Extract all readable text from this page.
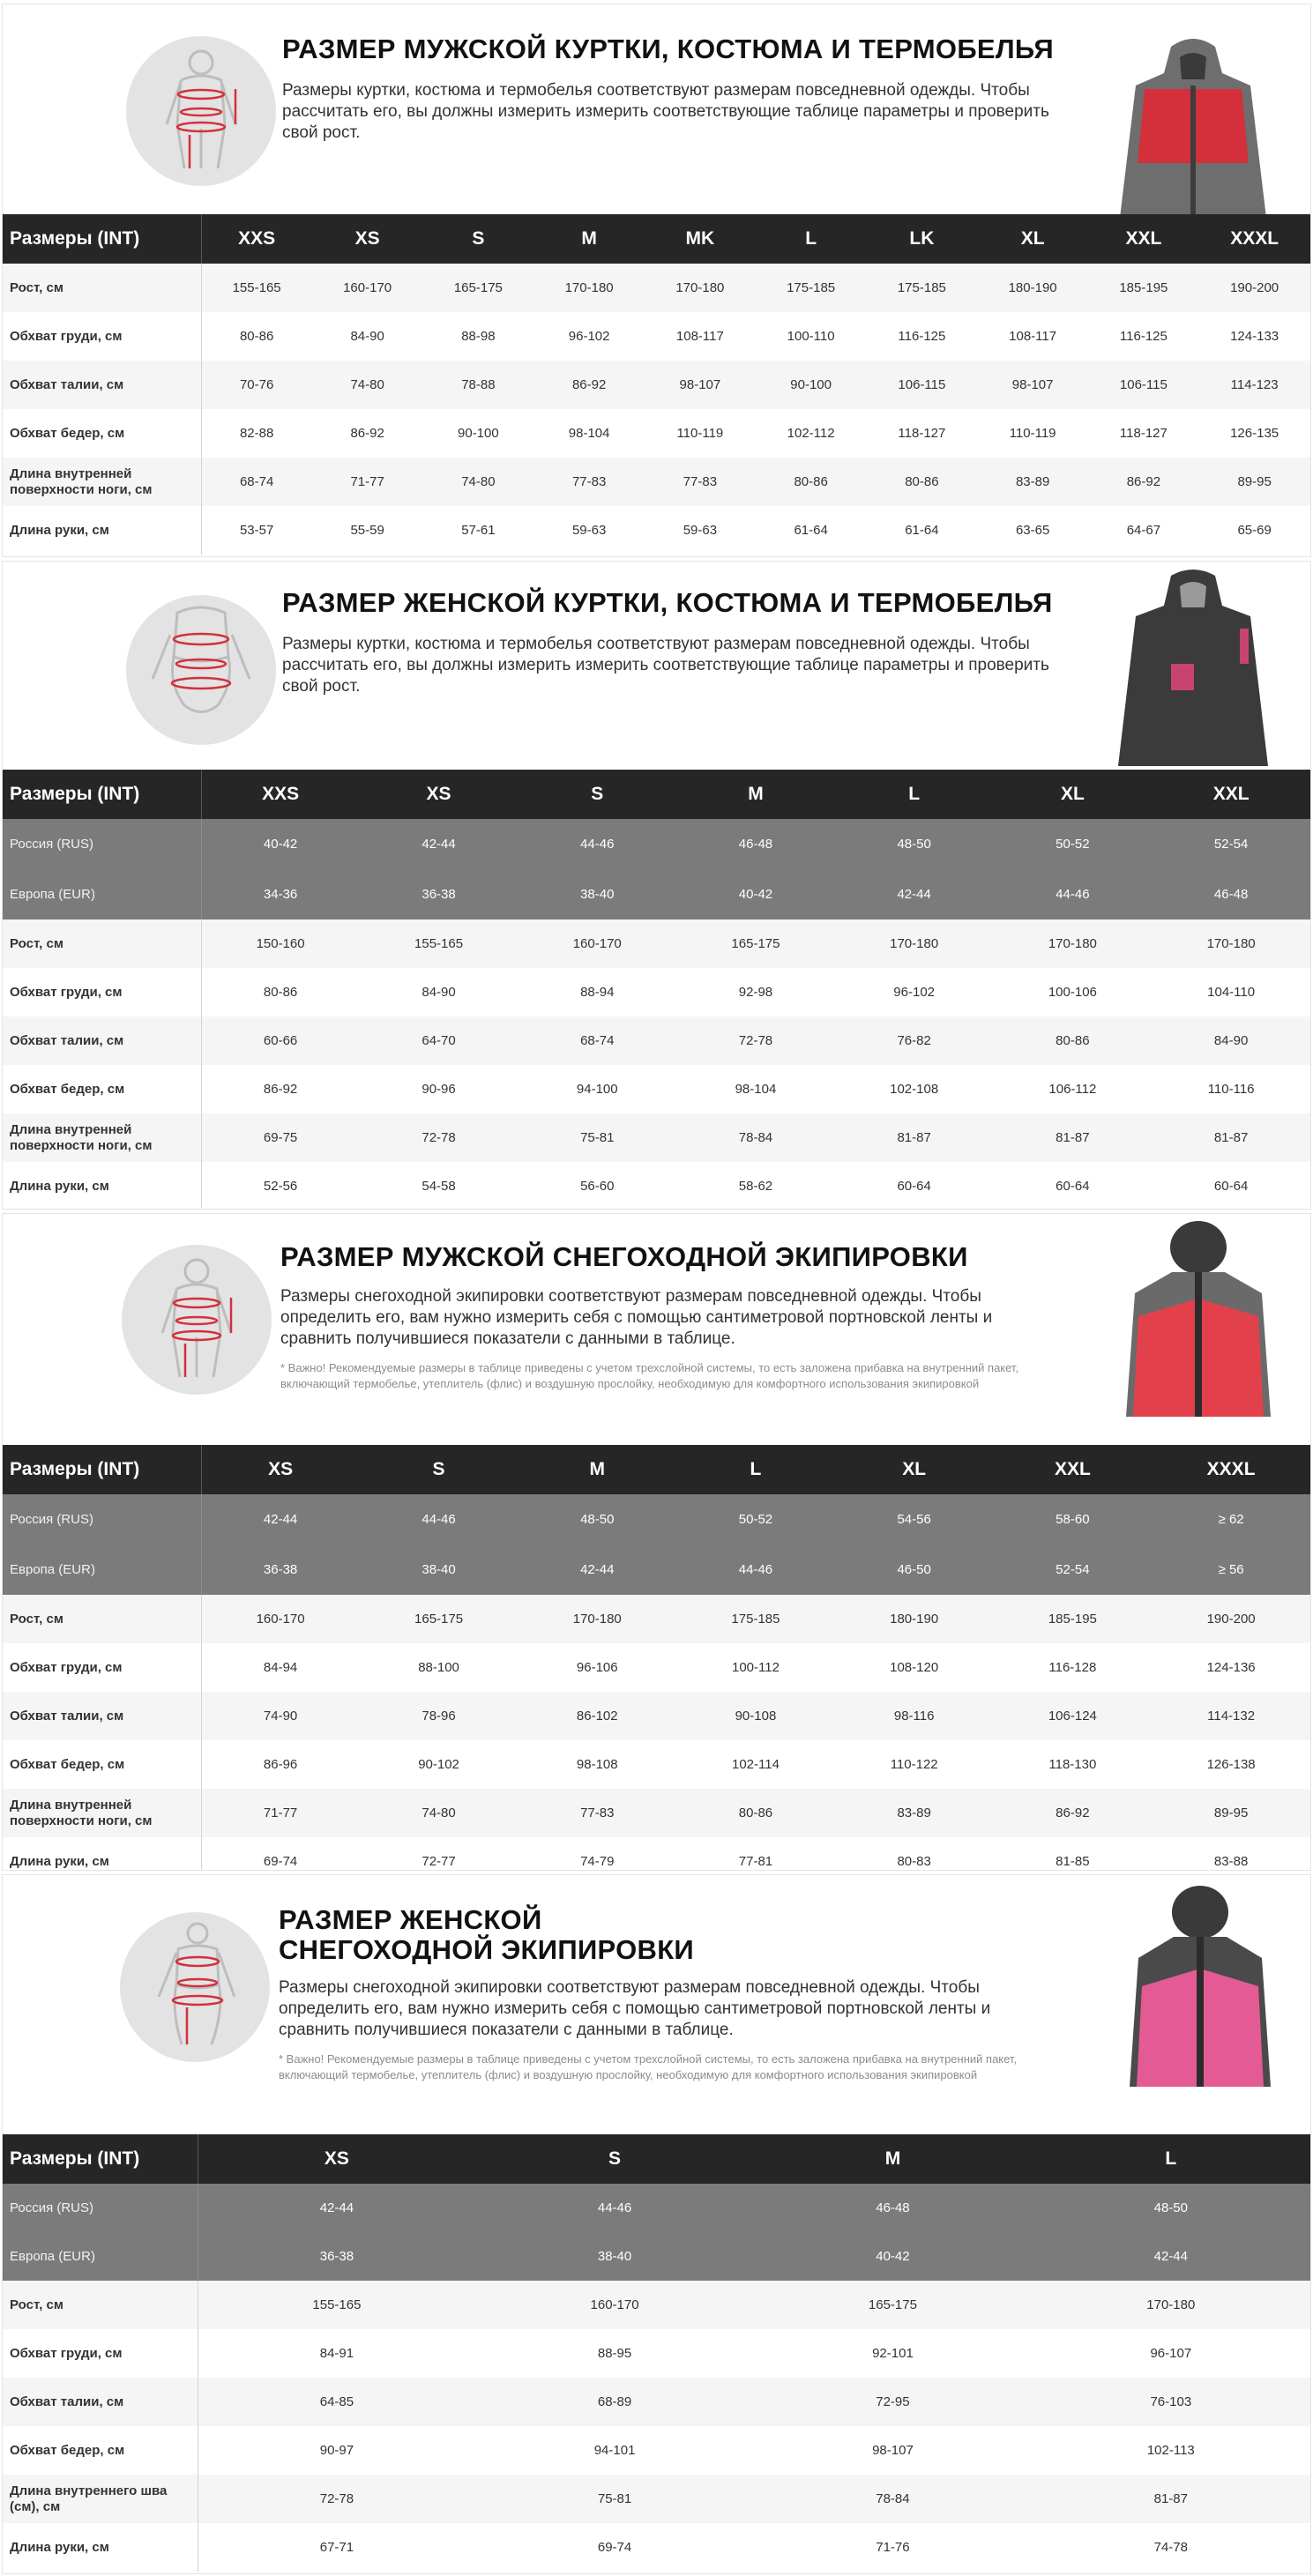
РАЗМЕР МУЖСКОЙ КУРТКИ, КОСТЮМА И ТЕРМОБЕЛЬЯ
Размеры куртки, костюма и термобелья соответствуют размерам повседневной одежды. Чтобы рассчитать его, вы должны измерить измерить соответствующие таблице параметры и проверить свой рост.
Размеры (INT)	XXS	XS	S	M	MK	L	LK	XL	XXL	XXXL
Рост, см	155-165	160-170	165-175	170-180	170-180	175-185	175-185	180-190	185-195	190-200
Обхват груди, см	80-86	84-90	88-98	96-102	108-117	100-110	116-125	108-117	116-125	124-133
Обхват талии, см	70-76	74-80	78-88	86-92	98-107	90-100	106-115	98-107	106-115	114-123
Обхват бедер, см	82-88	86-92	90-100	98-104	110-119	102-112	118-127	110-119	118-127	126-135
Длина внутренней поверхности ноги, см	68-74	71-77	74-80	77-83	77-83	80-86	80-86	83-89	86-92	89-95
Длина руки, см	53-57	55-59	57-61	59-63	59-63	61-64	61-64	63-65	64-67	65-69
РАЗМЕР ЖЕНСКОЙ КУРТКИ, КОСТЮМА И ТЕРМОБЕЛЬЯ
Размеры куртки, костюма и термобелья соответствуют размерам повседневной одежды. Чтобы рассчитать его, вы должны измерить измерить соответствующие таблице параметры и проверить свой рост.
Размеры (INT)	XXS	XS	S	M	L	XL	XXL
Россия (RUS)	40-42	42-44	44-46	46-48	48-50	50-52	52-54
Европа (EUR)	34-36	36-38	38-40	40-42	42-44	44-46	46-48
Рост, см	150-160	155-165	160-170	165-175	170-180	170-180	170-180
Обхват груди, см	80-86	84-90	88-94	92-98	96-102	100-106	104-110
Обхват талии, см	60-66	64-70	68-74	72-78	76-82	80-86	84-90
Обхват бедер, см	86-92	90-96	94-100	98-104	102-108	106-112	110-116
Длина внутренней поверхности ноги, см	69-75	72-78	75-81	78-84	81-87	81-87	81-87
Длина руки, см	52-56	54-58	56-60	58-62	60-64	60-64	60-64
РАЗМЕР МУЖСКОЙ СНЕГОХОДНОЙ ЭКИПИРОВКИ
Размеры снегоходной экипировки соответствуют размерам повседневной одежды. Чтобы определить его, вам нужно измерить себя с помощью сантиметровой портновской ленты и сравнить получившиеся показатели с данными в таблице.
* Важно! Рекомендуемые размеры в таблице приведены с учетом трехслойной системы, то есть заложена прибавка на внутренний пакет, включающий термобелье, утеплитель (флис) и воздушную прослойку, необходимую для комфортного использования экипировкой
Размеры (INT)	XS	S	M	L	XL	XXL	XXXL
Россия (RUS)	42-44	44-46	48-50	50-52	54-56	58-60	≥ 62
Европа (EUR)	36-38	38-40	42-44	44-46	46-50	52-54	≥ 56
Рост, см	160-170	165-175	170-180	175-185	180-190	185-195	190-200
Обхват груди, см	84-94	88-100	96-106	100-112	108-120	116-128	124-136
Обхват талии, см	74-90	78-96	86-102	90-108	98-116	106-124	114-132
Обхват бедер, см	86-96	90-102	98-108	102-114	110-122	118-130	126-138
Длина внутренней поверхности ноги, см	71-77	74-80	77-83	80-86	83-89	86-92	89-95
Длина руки, см	69-74	72-77	74-79	77-81	80-83	81-85	83-88
РАЗМЕР ЖЕНСКОЙ
СНЕГОХОДНОЙ ЭКИПИРОВКИ
Размеры снегоходной экипировки соответствуют размерам повседневной одежды. Чтобы определить его, вам нужно измерить себя с помощью сантиметровой портновской ленты и сравнить получившиеся показатели с данными в таблице.
* Важно! Рекомендуемые размеры в таблице приведены с учетом трехслойной системы, то есть заложена прибавка на внутренний пакет, включающий термобелье, утеплитель (флис) и воздушную прослойку, необходимую для комфортного использования экипировкой
Размеры (INT)	XS	S	M	L
Россия (RUS)	42-44	44-46	46-48	48-50
Европа (EUR)	36-38	38-40	40-42	42-44
Рост, см	155-165	160-170	165-175	170-180
Обхват груди, см	84-91	88-95	92-101	96-107
Обхват талии, см	64-85	68-89	72-95	76-103
Обхват бедер, см	90-97	94-101	98-107	102-113
Длина внутреннего шва (см), см	72-78	75-81	78-84	81-87
Длина руки, см	67-71	69-74	71-76	74-78
